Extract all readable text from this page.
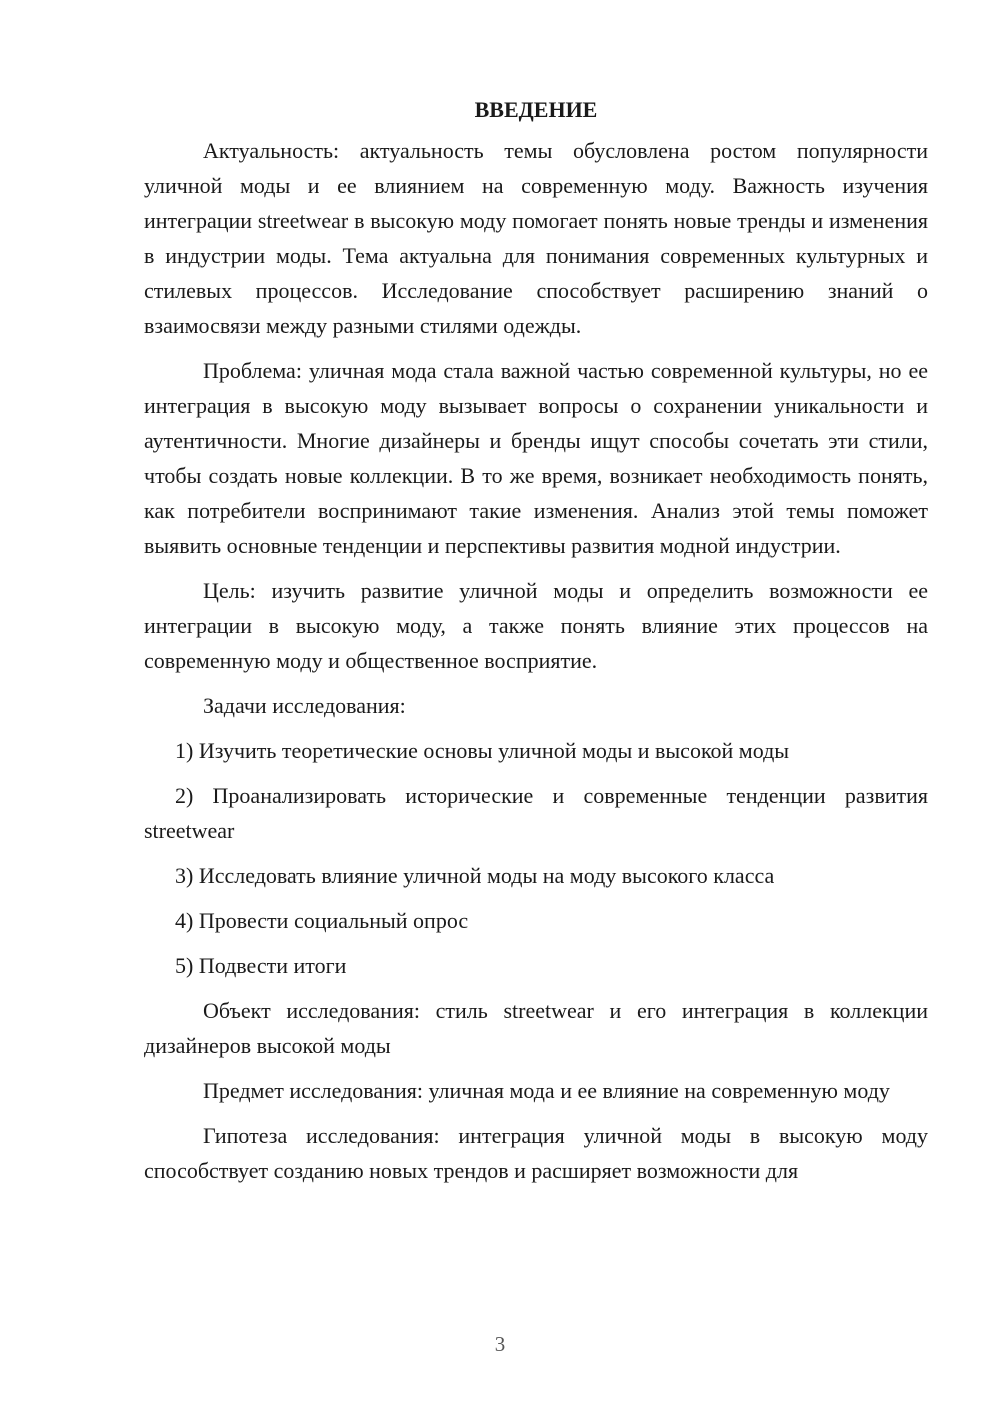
ВВЕДЕНИЕ

Актуальность: актуальность темы обусловлена ростом популярности уличной моды и ее влиянием на современную моду. Важность изучения интеграции streetwear в высокую моду помогает понять новые тренды и изменения в индустрии моды. Тема актуальна для понимания современных культурных и стилевых процессов. Исследование способствует расширению знаний о взаимосвязи между разными стилями одежды.

Проблема: уличная мода стала важной частью современной культуры, но ее интеграция в высокую моду вызывает вопросы о сохранении уникальности и аутентичности. Многие дизайнеры и бренды ищут способы сочетать эти стили, чтобы создать новые коллекции. В то же время, возникает необходимость понять, как потребители воспринимают такие изменения. Анализ этой темы поможет выявить основные тенденции и перспективы развития модной индустрии.

Цель: изучить развитие уличной моды и определить возможности ее интеграции в высокую моду, а также понять влияние этих процессов на современную моду и общественное восприятие.

Задачи исследования:

1) Изучить теоретические основы уличной моды и высокой моды

2) Проанализировать исторические и современные тенденции развития streetwear

3) Исследовать влияние уличной моды на моду высокого класса

4) Провести социальный опрос

5) Подвести итоги

Объект исследования: стиль streetwear и его интеграция в коллекции дизайнеров высокой моды

Предмет исследования: уличная мода и ее влияние на современную моду

Гипотеза исследования: интеграция уличной моды в высокую моду способствует созданию новых трендов и расширяет возможности для

3
